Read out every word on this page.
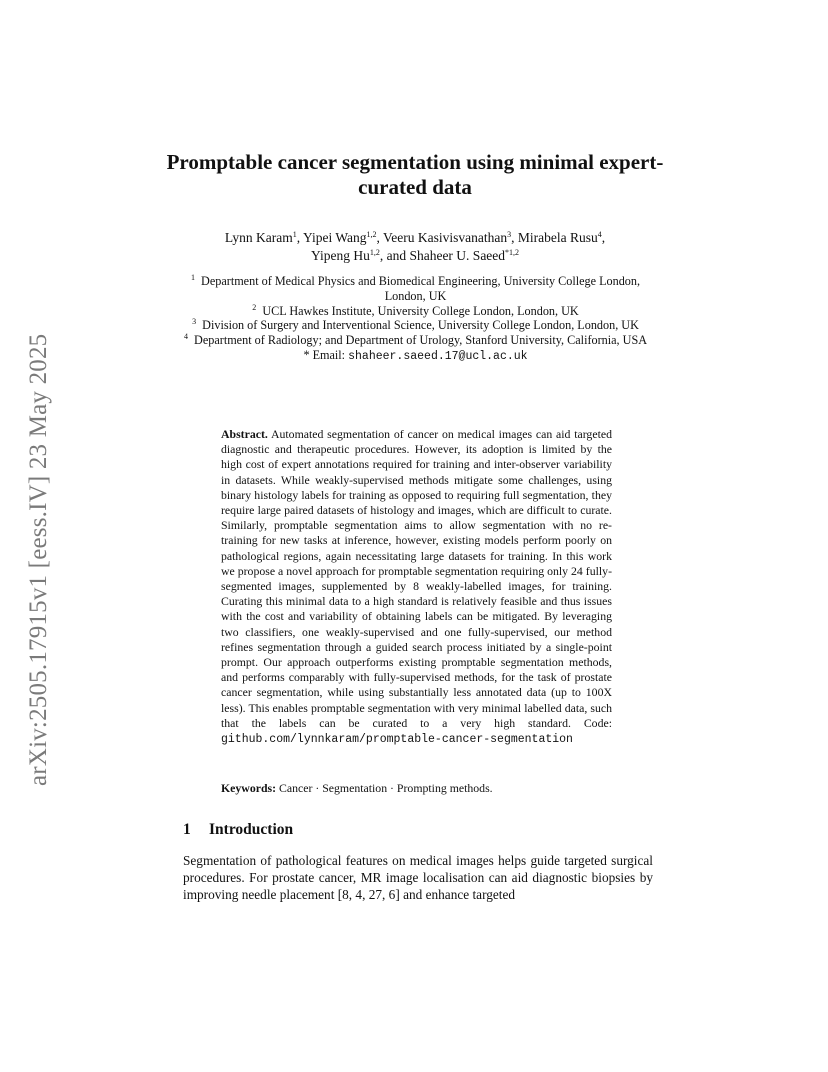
arXiv:2505.17915v1 [eess.IV] 23 May 2025
Promptable cancer segmentation using minimal expert-curated data

Lynn Karam$^1$, Yipei Wang$^{1,2}$, Veeru Kasivisvanathan$^3$, Mirabela Rusu$^4$,
Yipeng Hu$^{1,2}$, and Shaheer U. Saeed$^{*1,2}$

$^1$ Department of Medical Physics and Biomedical Engineering, University College London, London, UK
$^2$ UCL Hawkes Institute, University College London, London, UK
$^3$ Division of Surgery and Interventional Science, University College London, London, UK
$^4$ Department of Radiology; and Department of Urology, Stanford University, California, USA
* Email: shaheer.saeed.17@ucl.ac.uk

Abstract. Automated segmentation of cancer on medical images can aid targeted diagnostic and therapeutic procedures. However, its adoption is limited by the high cost of expert annotations required for training and inter-observer variability in datasets. While weakly-supervised methods mitigate some challenges, using binary histology labels for training as opposed to requiring full segmentation, they require large paired datasets of histology and images, which are difficult to curate. Similarly, promptable segmentation aims to allow segmentation with no re-training for new tasks at inference, however, existing models perform poorly on pathological regions, again necessitating large datasets for training. In this work we propose a novel approach for promptable segmentation requiring only 24 fully-segmented images, supplemented by 8 weakly-labelled images, for training. Curating this minimal data to a high standard is relatively feasible and thus issues with the cost and variability of obtaining labels can be mitigated. By leveraging two classifiers, one weakly-supervised and one fully-supervised, our method refines segmentation through a guided search process initiated by a single-point prompt. Our approach outperforms existing promptable segmentation methods, and performs comparably with fully-supervised methods, for the task of prostate cancer segmentation, while using substantially less annotated data (up to 100X less). This enables promptable segmentation with very minimal labelled data, such that the labels can be curated to a very high standard. Code: github.com/lynnkaram/promptable-cancer-segmentation

Keywords: Cancer · Segmentation · Prompting methods.

1 Introduction

Segmentation of pathological features on medical images helps guide targeted surgical procedures. For prostate cancer, MR image localisation can aid diagnostic biopsies by improving needle placement [8, 4, 27, 6] and enhance targeted
